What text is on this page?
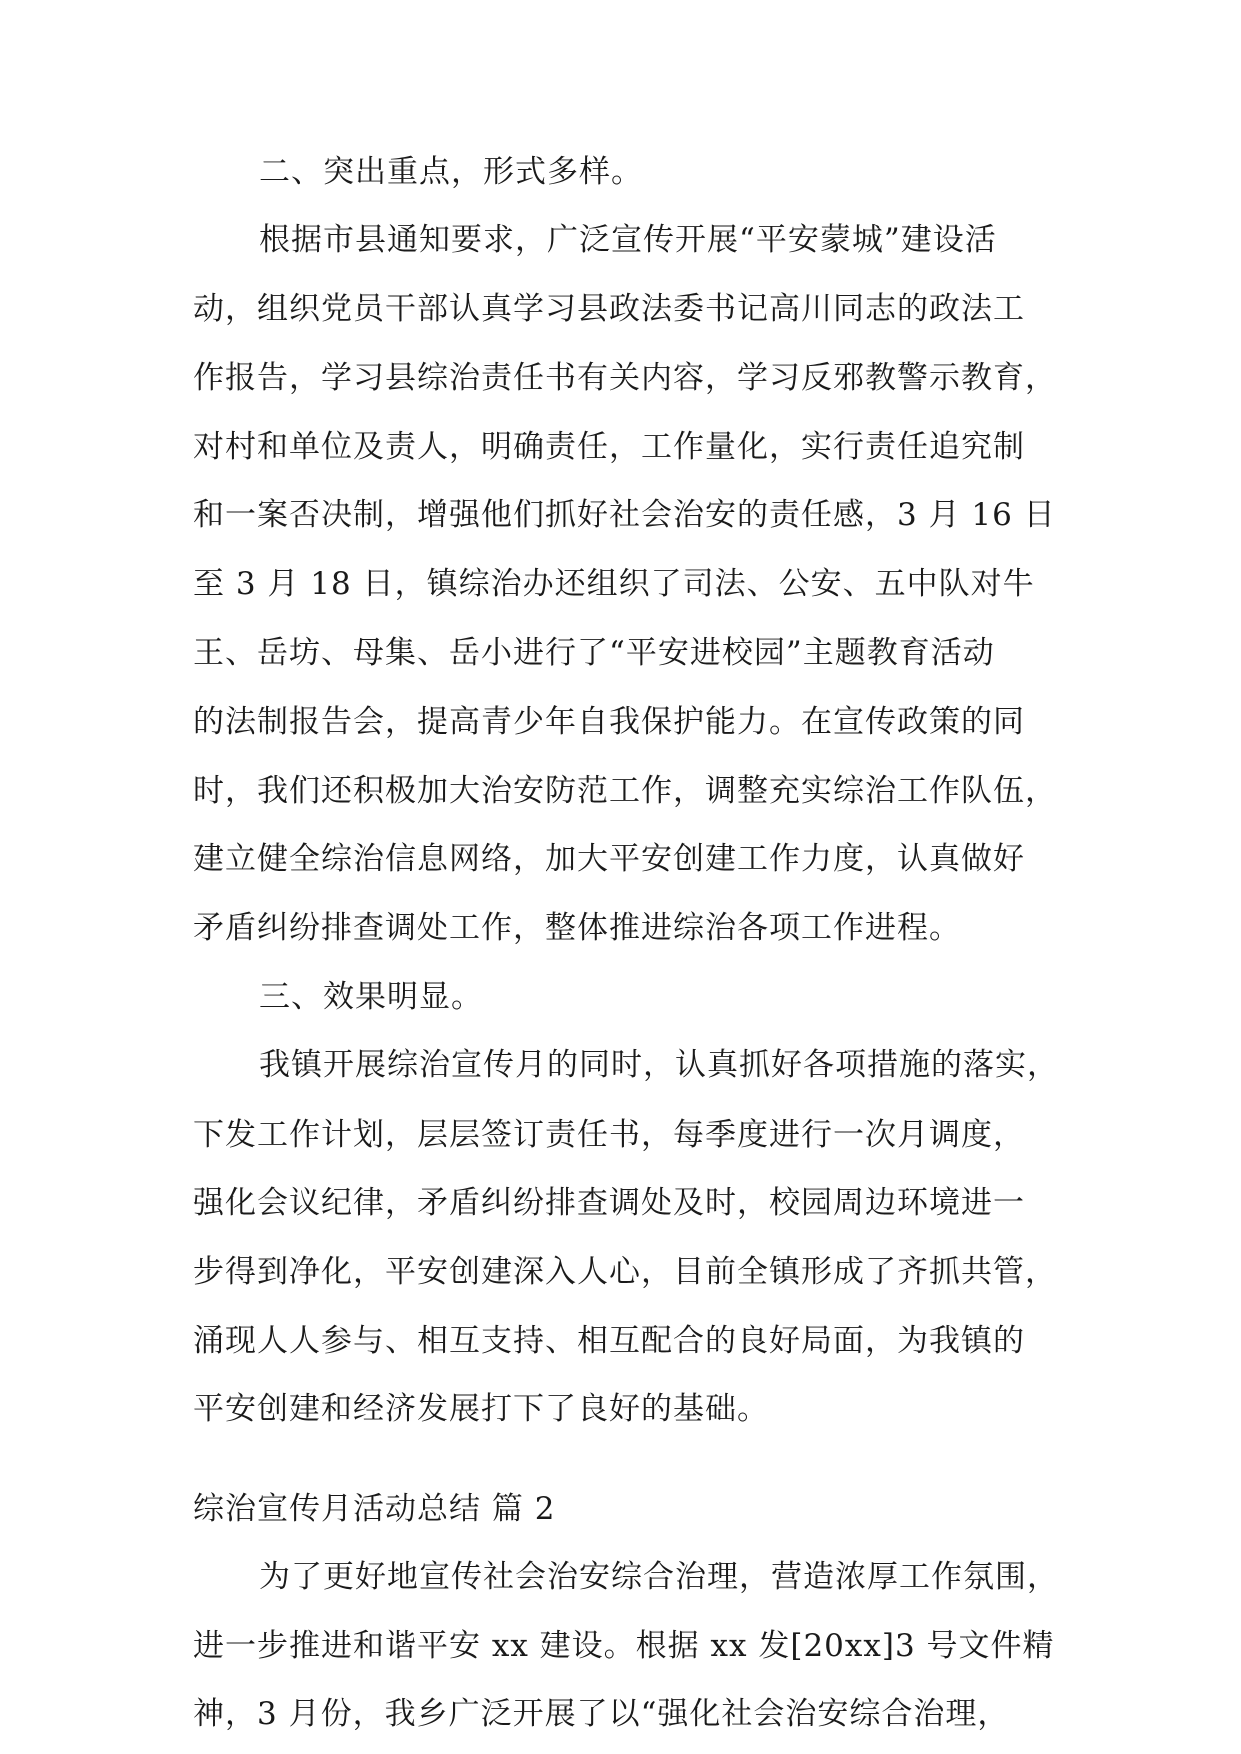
二、突出重点，形式多样。
根据市县通知要求，广泛宣传开展“平安蒙城”建设活
动，组织党员干部认真学习县政法委书记高川同志的政法工
作报告，学习县综治责任书有关内容，学习反邪教警示教育，
对村和单位及责人，明确责任，工作量化，实行责任追究制
和一案否决制，增强他们抓好社会治安的责任感，3 月 16 日
至 3 月 18 日，镇综治办还组织了司法、公安、五中队对牛
王、岳坊、母集、岳小进行了“平安进校园”主题教育活动
的法制报告会，提高青少年自我保护能力。在宣传政策的同
时，我们还积极加大治安防范工作，调整充实综治工作队伍，
建立健全综治信息网络，加大平安创建工作力度，认真做好
矛盾纠纷排查调处工作，整体推进综治各项工作进程。
三、效果明显。
我镇开展综治宣传月的同时，认真抓好各项措施的落实，
下发工作计划，层层签订责任书，每季度进行一次月调度，
强化会议纪律，矛盾纠纷排查调处及时，校园周边环境进一
步得到净化，平安创建深入人心，目前全镇形成了齐抓共管，
涌现人人参与、相互支持、相互配合的良好局面，为我镇的
平安创建和经济发展打下了良好的基础。
综治宣传月活动总结 篇 2
为了更好地宣传社会治安综合治理，营造浓厚工作氛围，
进一步推进和谐平安 xx 建设。根据 xx 发[20xx]3 号文件精
神，3 月份，我乡广泛开展了以“强化社会治安综合治理，
